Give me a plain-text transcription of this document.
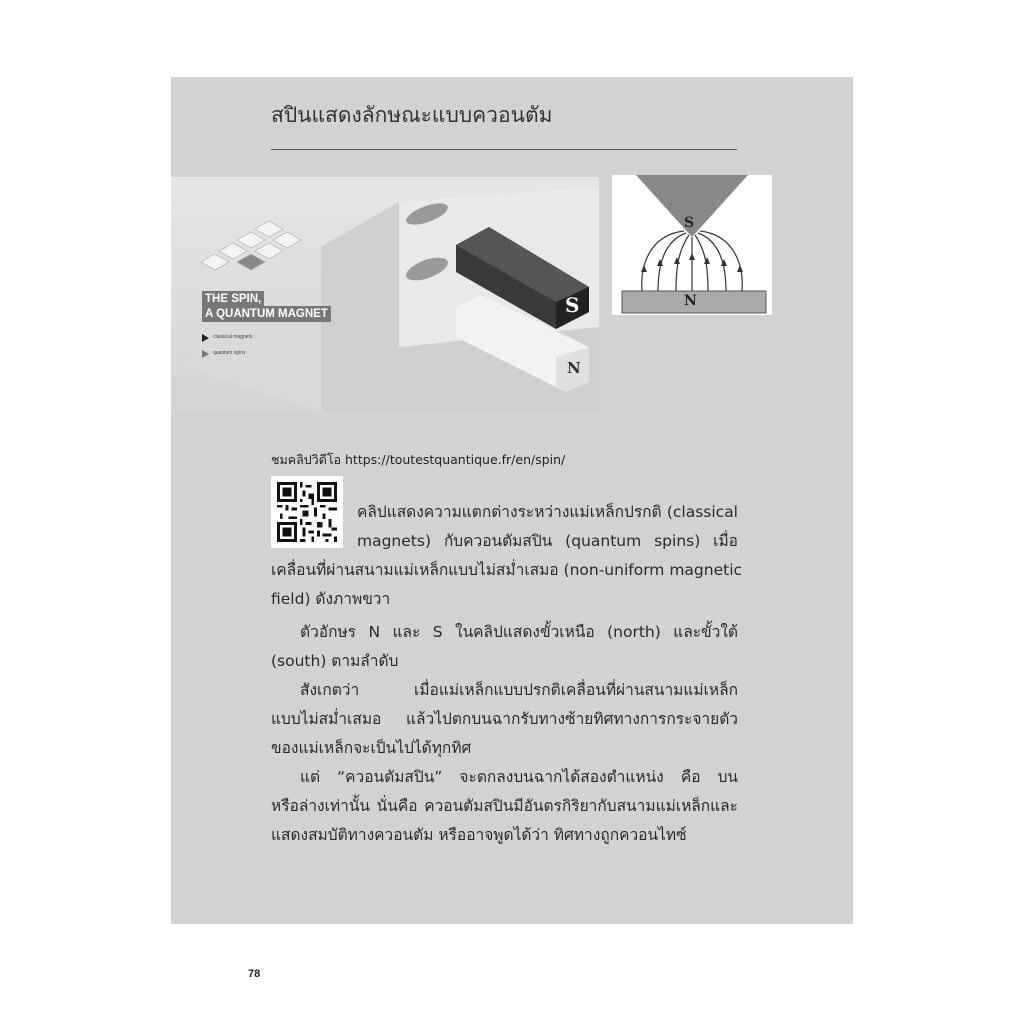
สปินแสดงลักษณะแบบควอนตัม
THE SPIN,
A QUANTUM MAGNET
classical magnets
quantum spins
S
N
S
N
ชมคลิปวิดีโอ https://toutestquantique.fr/en/spin/
คลิปแสดงความแตกต่างระหว่างแม่เหล็กปรกติ (classical
magnets) กับควอนตัมสปิน (quantum spins) เมื่อ
เคลื่อนที่ผ่านสนามแม่เหล็กแบบไม่สม่ำเสมอ (non-uniform magnetic
field) ดังภาพขวา
ตัวอักษร N และ S ในคลิปแสดงขั้วเหนือ (north) และขั้วใต้
(south) ตามลำดับ
สังเกตว่า เมื่อแม่เหล็กแบบปรกติเคลื่อนที่ผ่านสนามแม่เหล็ก
แบบไม่สม่ำเสมอ แล้วไปตกบนฉากรับทางซ้ายทิศทางการกระจายตัว
ของแม่เหล็กจะเป็นไปได้ทุกทิศ
แต่ “ควอนตัมสปิน” จะตกลงบนฉากได้สองตำแหน่ง คือ บน
หรือล่างเท่านั้น นั่นคือ ควอนตัมสปินมีอันตรกิริยากับสนามแม่เหล็กและ
แสดงสมบัติทางควอนตัม หรืออาจพูดได้ว่า ทิศทางถูกควอนไทซ์
78
